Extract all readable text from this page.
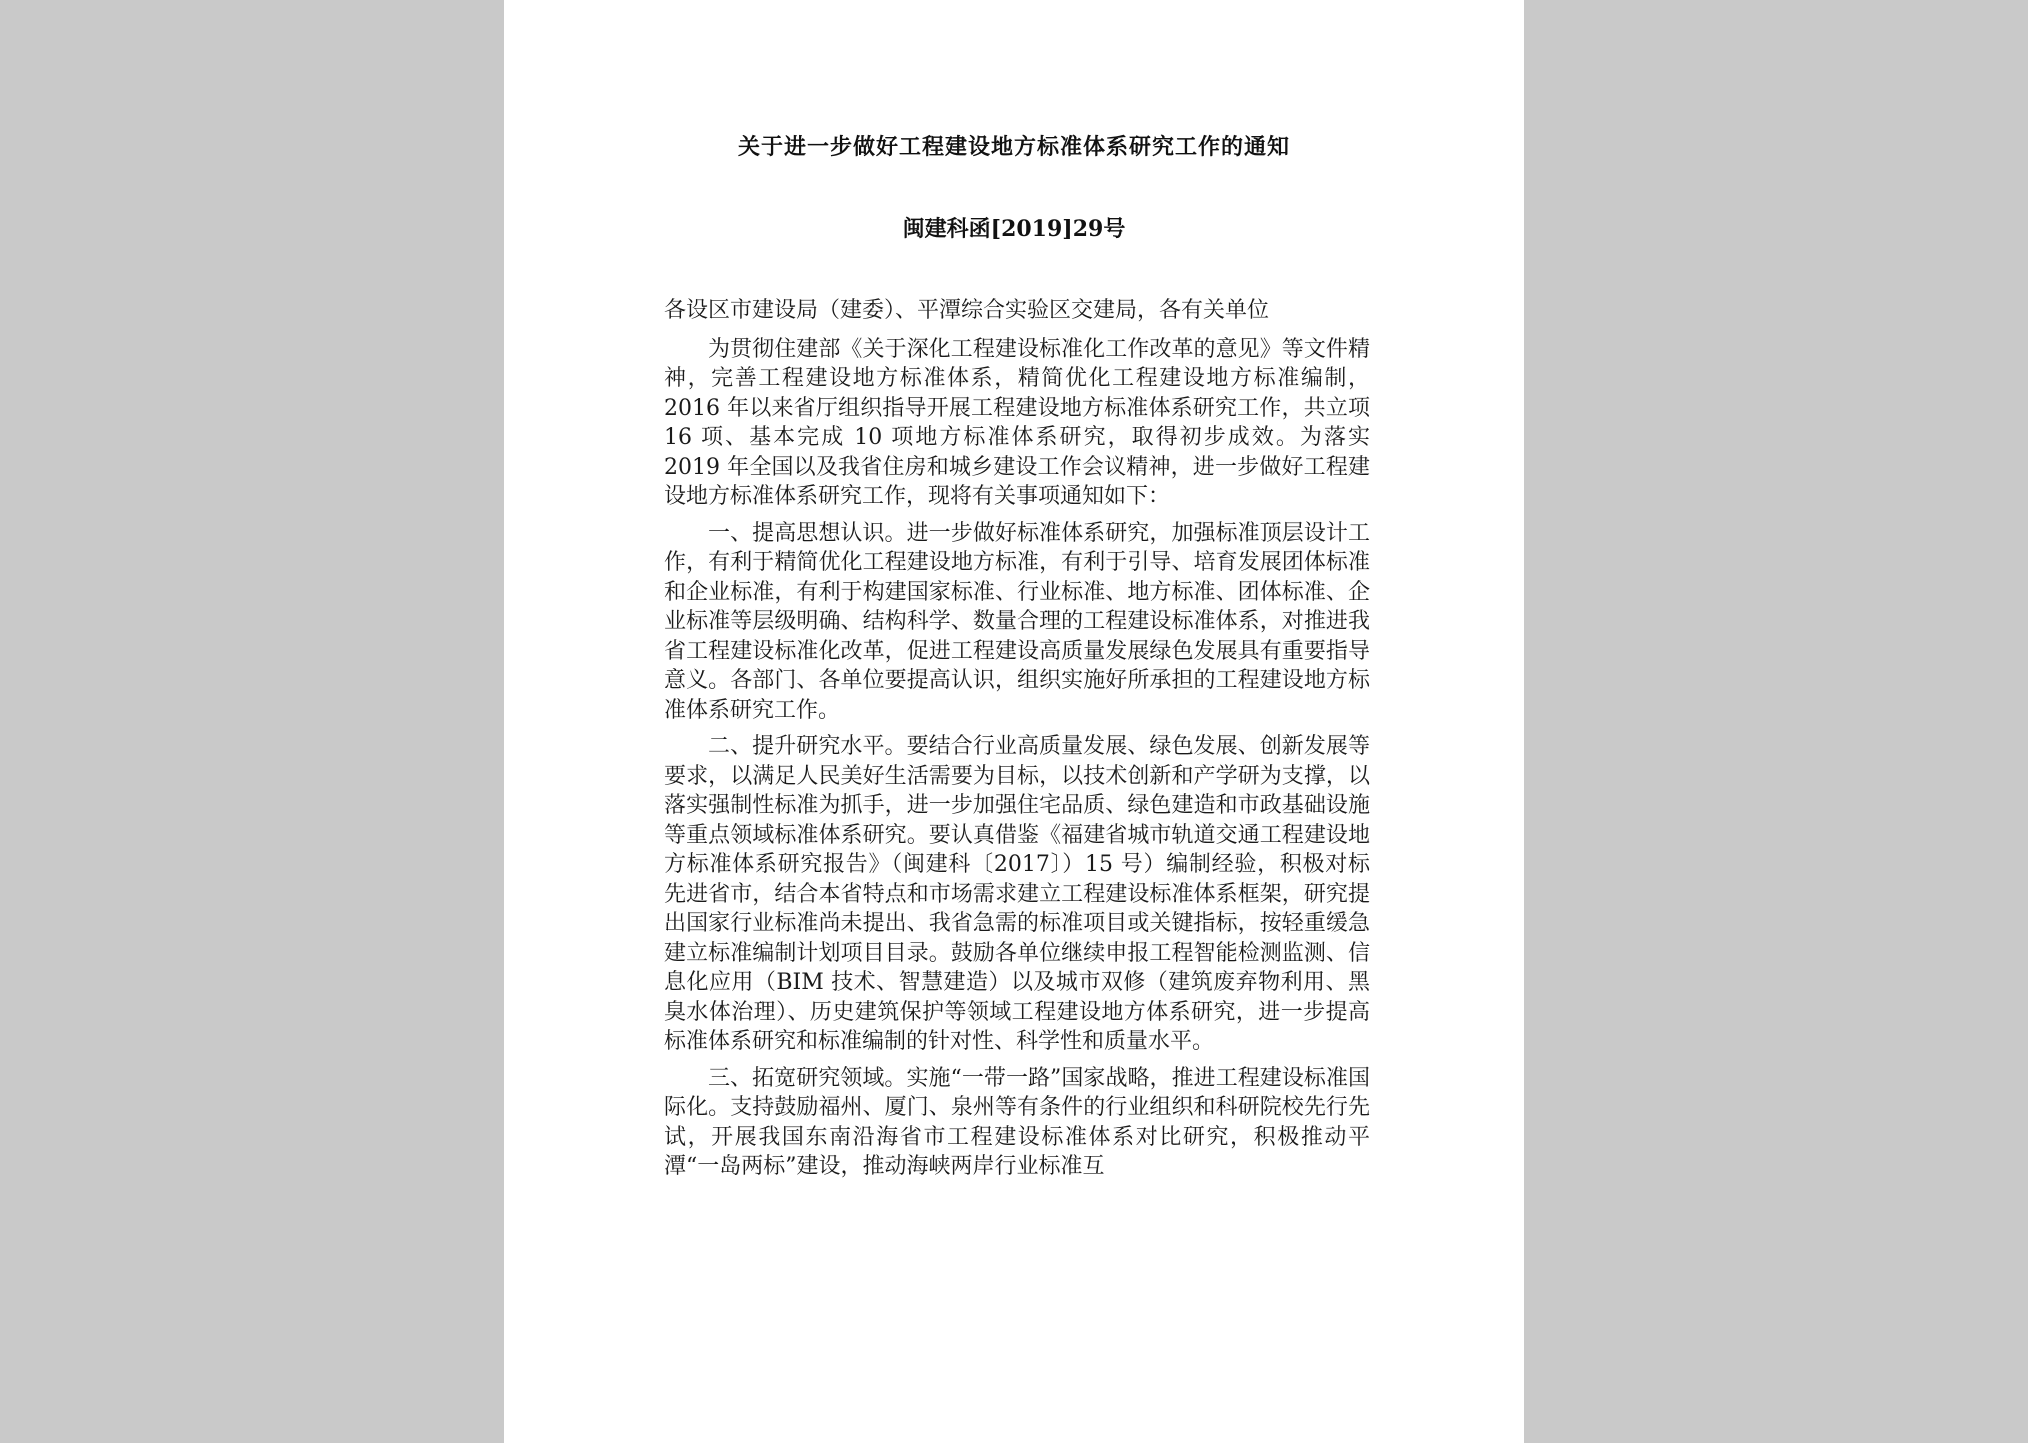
关于进一步做好工程建设地方标准体系研究工作的通知
闽建科函[2019]29号

各设区市建设局（建委）、平潭综合实验区交建局，各有关单位

为贯彻住建部《关于深化工程建设标准化工作改革的意见》等文件精神，完善工程建设地方标准体系，精简优化工程建设地方标准编制，2016 年以来省厅组织指导开展工程建设地方标准体系研究工作，共立项 16 项、基本完成 10 项地方标准体系研究，取得初步成效。为落实 2019 年全国以及我省住房和城乡建设工作会议精神，进一步做好工程建设地方标准体系研究工作，现将有关事项通知如下：

一、提高思想认识。进一步做好标准体系研究，加强标准顶层设计工作，有利于精简优化工程建设地方标准，有利于引导、培育发展团体标准和企业标准，有利于构建国家标准、行业标准、地方标准、团体标准、企业标准等层级明确、结构科学、数量合理的工程建设标准体系，对推进我省工程建设标准化改革，促进工程建设高质量发展绿色发展具有重要指导意义。各部门、各单位要提高认识，组织实施好所承担的工程建设地方标准体系研究工作。

二、提升研究水平。要结合行业高质量发展、绿色发展、创新发展等要求，以满足人民美好生活需要为目标，以技术创新和产学研为支撑，以落实强制性标准为抓手，进一步加强住宅品质、绿色建造和市政基础设施等重点领域标准体系研究。要认真借鉴《福建省城市轨道交通工程建设地方标准体系研究报告》（闽建科〔2017〕）15 号）编制经验，积极对标先进省市，结合本省特点和市场需求建立工程建设标准体系框架，研究提出国家行业标准尚未提出、我省急需的标准项目或关键指标，按轻重缓急建立标准编制计划项目目录。鼓励各单位继续申报工程智能检测监测、信息化应用（BIM 技术、智慧建造）以及城市双修（建筑废弃物利用、黑臭水体治理）、历史建筑保护等领域工程建设地方体系研究，进一步提高标准体系研究和标准编制的针对性、科学性和质量水平。

三、拓宽研究领域。实施“一带一路”国家战略，推进工程建设标准国际化。支持鼓励福州、厦门、泉州等有条件的行业组织和科研院校先行先试，开展我国东南沿海省市工程建设标准体系对比研究，积极推动平潭“一岛两标”建设，推动海峡两岸行业标准互
